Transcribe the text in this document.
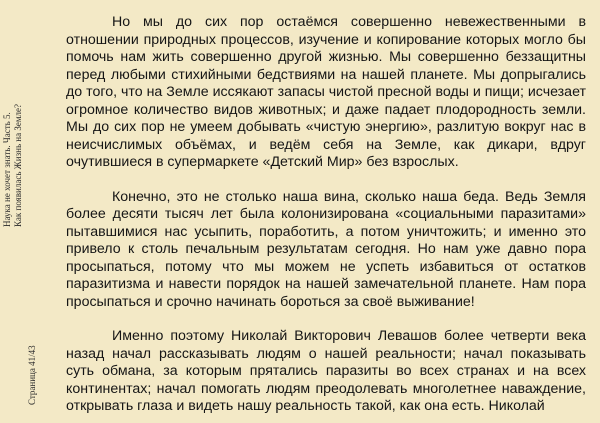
Наука не хочет знать. Часть 5. Как появилась Жизнь на Земле?
Страница 41/43

Но мы до сих пор остаёмся совершенно невежественными в отношении природных процессов, изучение и копирование которых могло бы помочь нам жить совершенно другой жизнью. Мы совершенно беззащитны перед любыми стихийными бедствиями на нашей планете. Мы допрыгались до того, что на Земле иссякают запасы чистой пресной воды и пищи; исчезает огромное количество видов животных; и даже падает плодородность земли. Мы до сих пор не умеем добывать «чистую энергию», разлитую вокруг нас в неисчислимых объёмах, и ведём себя на Земле, как дикари, вдруг очутившиеся в супермаркете «Детский Мир» без взрослых.

Конечно, это не столько наша вина, сколько наша беда. Ведь Земля более десяти тысяч лет была колонизирована «социальными паразитами» пытавшимися нас усыпить, поработить, а потом уничтожить; и именно это привело к столь печальным результатам сегодня. Но нам уже давно пора просыпаться, потому что мы можем не успеть избавиться от остатков паразитизма и навести порядок на нашей замечательной планете. Нам пора просыпаться и срочно начинать бороться за своё выживание!

Именно поэтому Николай Викторович Левашов более четверти века назад начал рассказывать людям о нашей реальности; начал показывать суть обмана, за которым прятались паразиты во всех странах и на всех континентах; начал помогать людям преодолевать многолетнее наваждение, открывать глаза и видеть нашу реальность такой, как она есть. Николай
